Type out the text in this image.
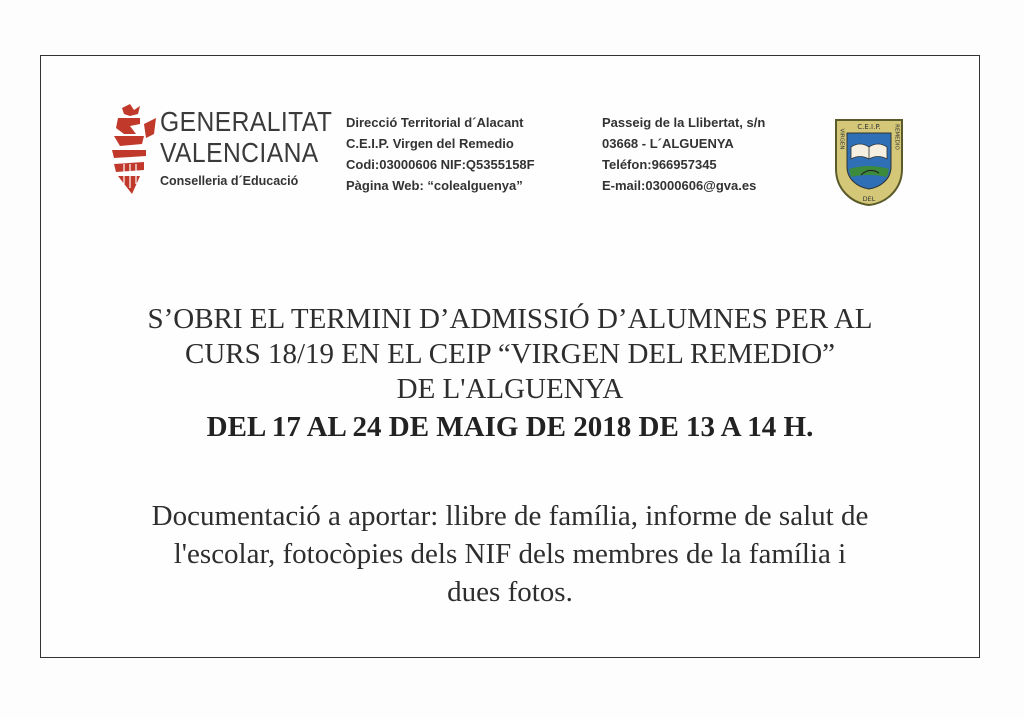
GENERALITAT
VALENCIANA
Conselleria d´Educació
Direcció Territorial d´Alacant
C.E.I.P. Virgen del Remedio
Codi:03000606 NIF:Q5355158F
Pàgina Web: “colealguenya”
Passeig de la Llibertat, s/n
03668 - L´ALGUENYA
Teléfon:966957345
E-mail:03000606@gva.es
C.E.I.P.
DEL
VIRGEN	REMEDIO
S’OBRI EL TERMINI D’ADMISSIÓ D’ALUMNES PER AL
CURS 18/19 EN EL CEIP “VIRGEN DEL REMEDIO”
DE L'ALGUENYA
DEL 17 AL 24 DE MAIG DE 2018 DE 13 A 14 H.
Documentació a aportar: llibre de família, informe de salut de
l'escolar, fotocòpies dels NIF dels membres de la família i
dues fotos.
